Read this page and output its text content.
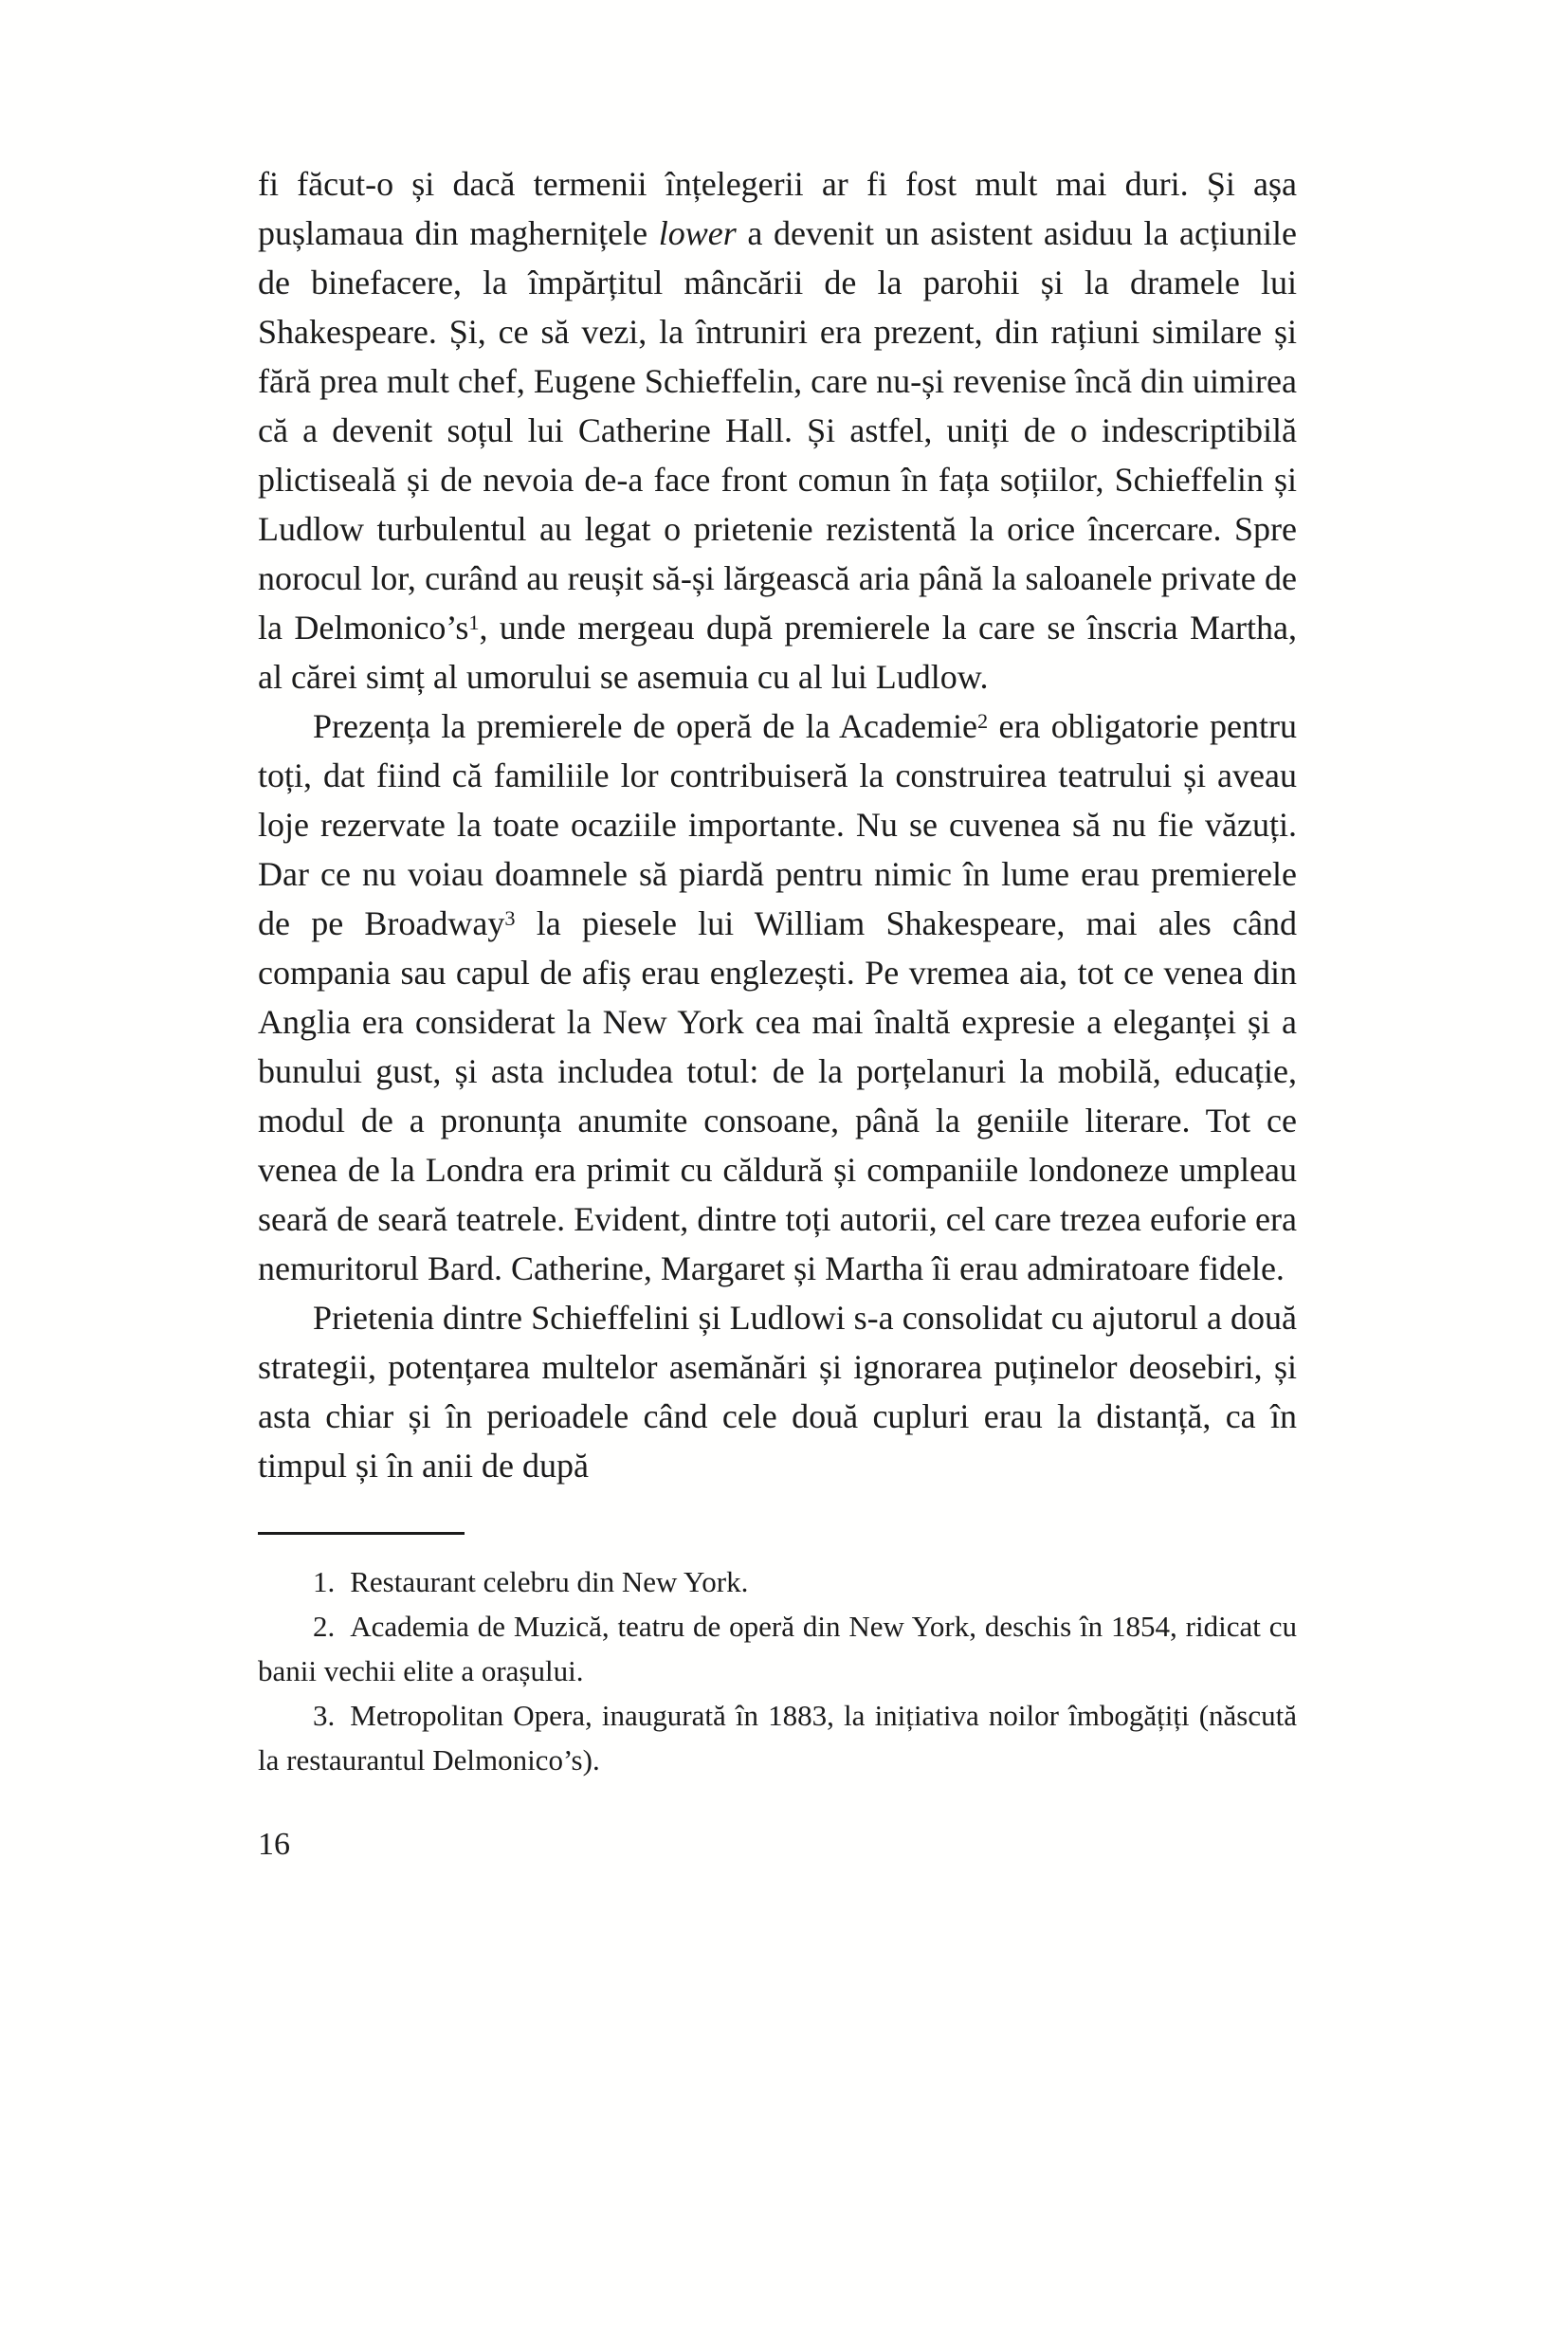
fi făcut-o și dacă termenii înțelegerii ar fi fost mult mai duri. Și așa pușlamaua din maghernițele lower a devenit un asistent asiduu la acțiunile de binefacere, la împărțitul mâncării de la parohii și la dramele lui Shakespeare. Și, ce să vezi, la întruniri era prezent, din rațiuni similare și fără prea mult chef, Eugene Schieffelin, care nu-și revenise încă din uimirea că a devenit soțul lui Catherine Hall. Și astfel, uniți de o indescriptibilă plictiseală și de nevoia de-a face front comun în fața soțiilor, Schieffelin și Ludlow turbulentul au legat o prietenie rezistentă la orice încercare. Spre norocul lor, curând au reușit să-și lărgească aria până la saloanele private de la $Delmonico’s^1$, unde mergeau după premierele la care se înscria Martha, al cărei simț al umorului se asemuia cu al lui Ludlow.

Prezența la premierele de operă de la Academie$^2$ era obligatorie pentru toți, dat fiind că familiile lor contribuiseră la construirea teatrului și aveau loje rezervate la toate ocaziile importante. Nu se cuvenea să nu fie văzuți. Dar ce nu voiau doamnele să piardă pentru nimic în lume erau premierele de pe Broadway$^3$ la piesele lui William Shakespeare, mai ales când compania sau capul de afiș erau englezești. Pe vremea aia, tot ce venea din Anglia era considerat la New York cea mai înaltă expresie a eleganței și a bunului gust, și asta includea totul: de la porțelanuri la mobilă, educație, modul de a pronunța anumite consoane, până la geniile literare. Tot ce venea de la Londra era primit cu căldură și companiile londoneze umpleau seară de seară teatrele. Evident, dintre toți autorii, cel care trezea euforie era nemuritorul Bard. Catherine, Margaret și Martha îi erau admiratoare fidele.

Prietenia dintre Schieffelini și Ludlowi s-a consolidat cu ajutorul a două strategii, potențarea multelor asemănări și ignorarea puținelor deosebiri, și asta chiar și în perioadele când cele două cupluri erau la distanță, ca în timpul și în anii de după

1. Restaurant celebru din New York.

2. Academia de Muzică, teatru de operă din New York, deschis în 1854, ridicat cu banii vechii elite a orașului.

3. Metropolitan Opera, inaugurată în 1883, la inițiativa noilor îmbogățiți (născută la restaurantul Delmonico’s).

16
